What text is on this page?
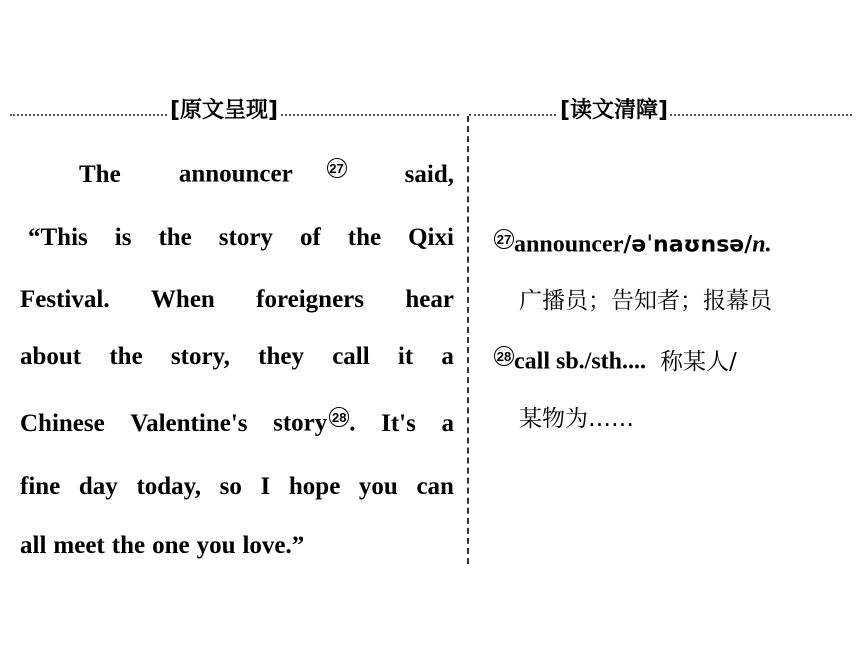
[原文呈现]	[读文清障]
The announcer	27 said,
“This is the story of the Qixi
Festival. When foreigners hear
about the story, they call it a
Chinese Valentine's story 28 . It's a
fine day today, so I hope you can
all meet the one you love.”
27 announcer/əˈnaʊnsə/n.
广播员；告知者；报幕员
28 call sb./sth.... 称某人/
某物为……
